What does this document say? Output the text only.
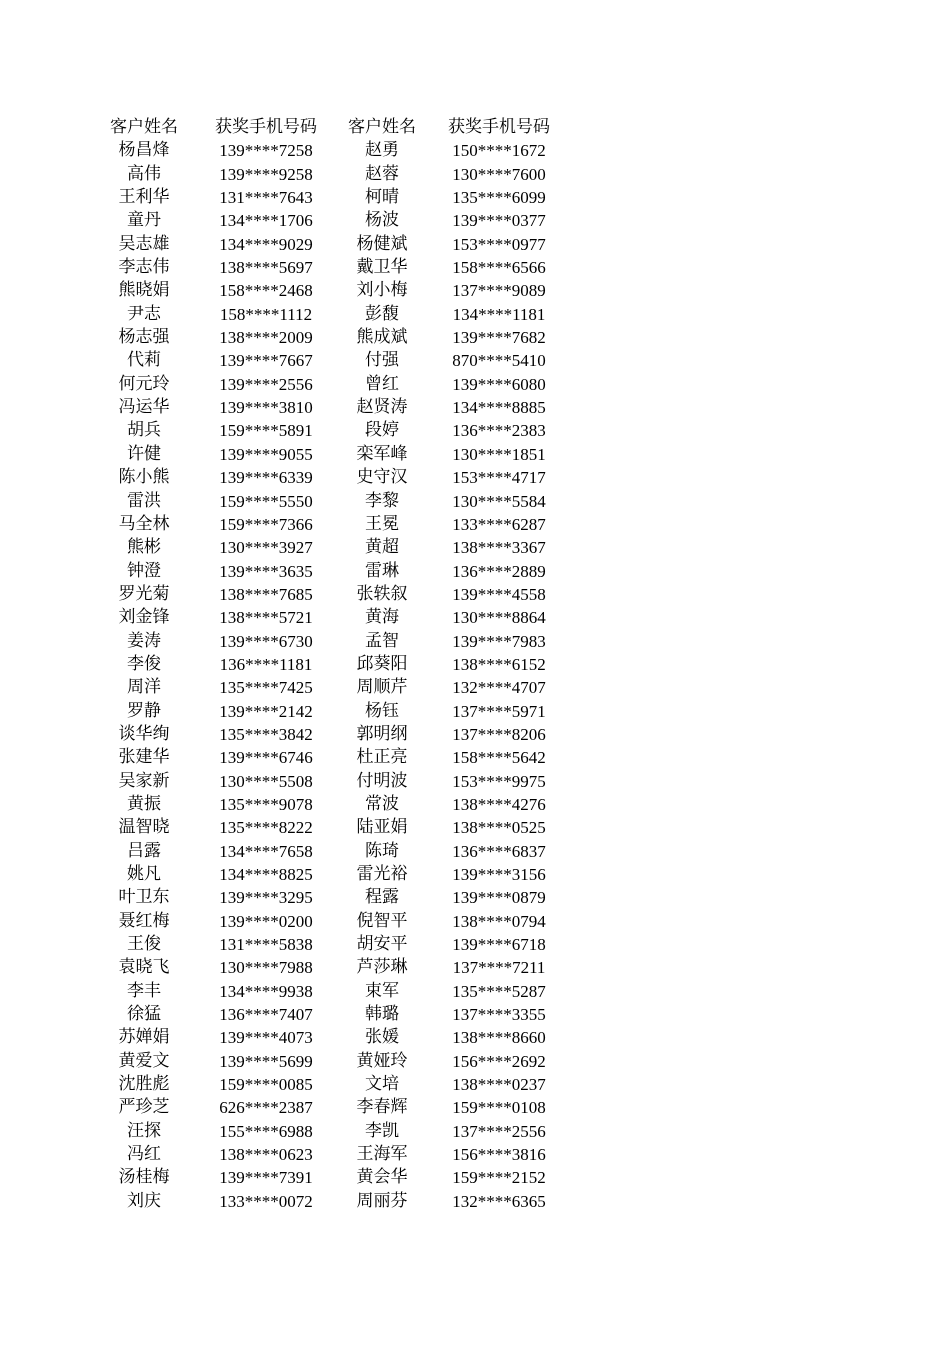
客户姓名	获奖手机号码	客户姓名	获奖手机号码
杨昌烽	139****7258	赵勇	150****1672
高伟	139****9258	赵蓉	130****7600
王利华	131****7643	柯晴	135****6099
童丹	134****1706	杨波	139****0377
吴志雄	134****9029	杨健斌	153****0977
李志伟	138****5697	戴卫华	158****6566
熊晓娟	158****2468	刘小梅	137****9089
尹志	158****1112	彭馥	134****1181
杨志强	138****2009	熊成斌	139****7682
代莉	139****7667	付强	870****5410
何元玲	139****2556	曾红	139****6080
冯运华	139****3810	赵贤涛	134****8885
胡兵	159****5891	段婷	136****2383
许健	139****9055	栾军峰	130****1851
陈小熊	139****6339	史守汉	153****4717
雷洪	159****5550	李黎	130****5584
马全林	159****7366	王冕	133****6287
熊彬	130****3927	黄超	138****3367
钟澄	139****3635	雷琳	136****2889
罗光菊	138****7685	张轶叙	139****4558
刘金锋	138****5721	黄海	130****8864
姜涛	139****6730	孟智	139****7983
李俊	136****1181	邱葵阳	138****6152
周洋	135****7425	周顺芹	132****4707
罗静	139****2142	杨钰	137****5971
谈华绚	135****3842	郭明纲	137****8206
张建华	139****6746	杜正亮	158****5642
吴家新	130****5508	付明波	153****9975
黄振	135****9078	常波	138****4276
温智晓	135****8222	陆亚娟	138****0525
吕露	134****7658	陈琦	136****6837
姚凡	134****8825	雷光裕	139****3156
叶卫东	139****3295	程露	139****0879
聂红梅	139****0200	倪智平	138****0794
王俊	131****5838	胡安平	139****6718
袁晓飞	130****7988	芦莎琳	137****7211
李丰	134****9938	束军	135****5287
徐猛	136****7407	韩璐	137****3355
苏婵娟	139****4073	张媛	138****8660
黄爱文	139****5699	黄娅玲	156****2692
沈胜彪	159****0085	文培	138****0237
严珍芝	626****2387	李春辉	159****0108
汪探	155****6988	李凯	137****2556
冯红	138****0623	王海军	156****3816
汤桂梅	139****7391	黄会华	159****2152
刘庆	133****0072	周丽芬	132****6365
